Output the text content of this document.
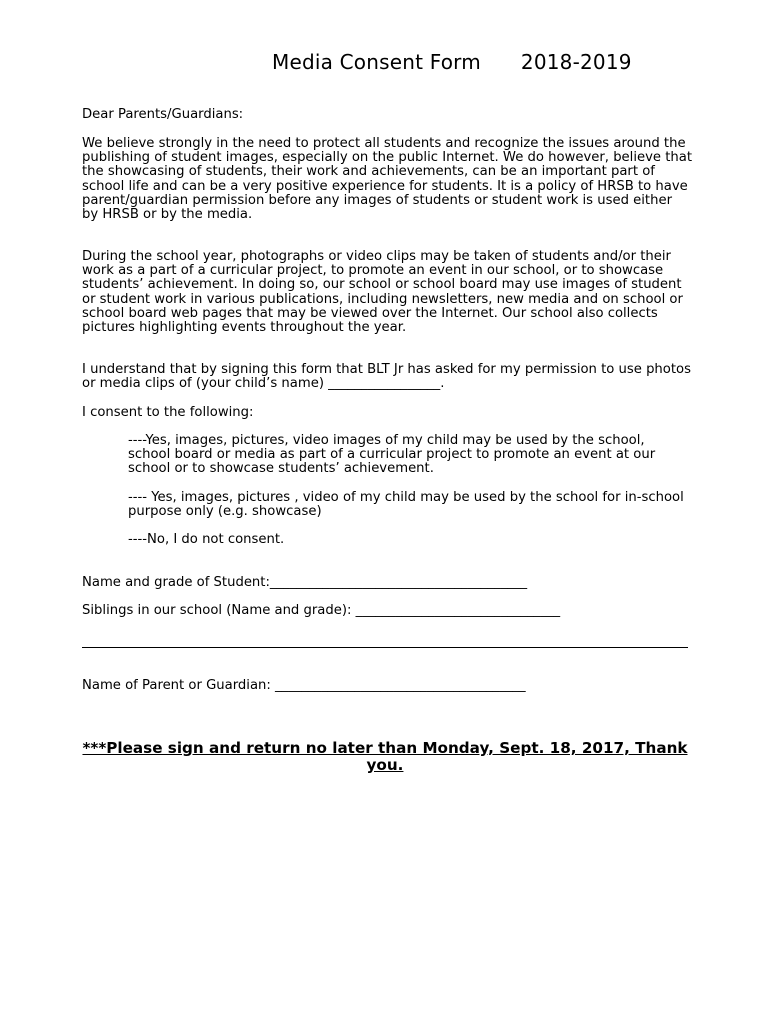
Media Consent Form 2018-2019

Dear Parents/Guardians:

We believe strongly in the need to protect all students and recognize the issues around the publishing of student images, especially on the public Internet. We do however, believe that the showcasing of students, their work and achievements, can be an important part of school life and can be a very positive experience for students. It is a policy of HRSB to have parent/guardian permission before any images of students or student work is used either by HRSB or by the media.

During the school year, photographs or video clips may be taken of students and/or their work as a part of a curricular project, to promote an event in our school, or to showcase students’ achievement. In doing so, our school or school board may use images of student or student work in various publications, including newsletters, new media and on school or school board web pages that may be viewed over the Internet. Our school also collects pictures highlighting events throughout the year.

I understand that by signing this form that BLT Jr has asked for my permission to use photos or media clips of (your child’s name) _________________.

I consent to the following:

----Yes, images, pictures, video images of my child may be used by the school, school board or media as part of a curricular project to promote an event at our school or to showcase students’ achievement.

---- Yes, images, pictures , video of my child may be used by the school for in-school purpose only (e.g. showcase)

----No, I do not consent.

Name and grade of Student:_______________________________________
Siblings in our school (Name and grade): _______________________________
Name of Parent or Guardian: ______________________________________
***Please sign and return no later than Monday, Sept. 18, 2017, Thank you.
